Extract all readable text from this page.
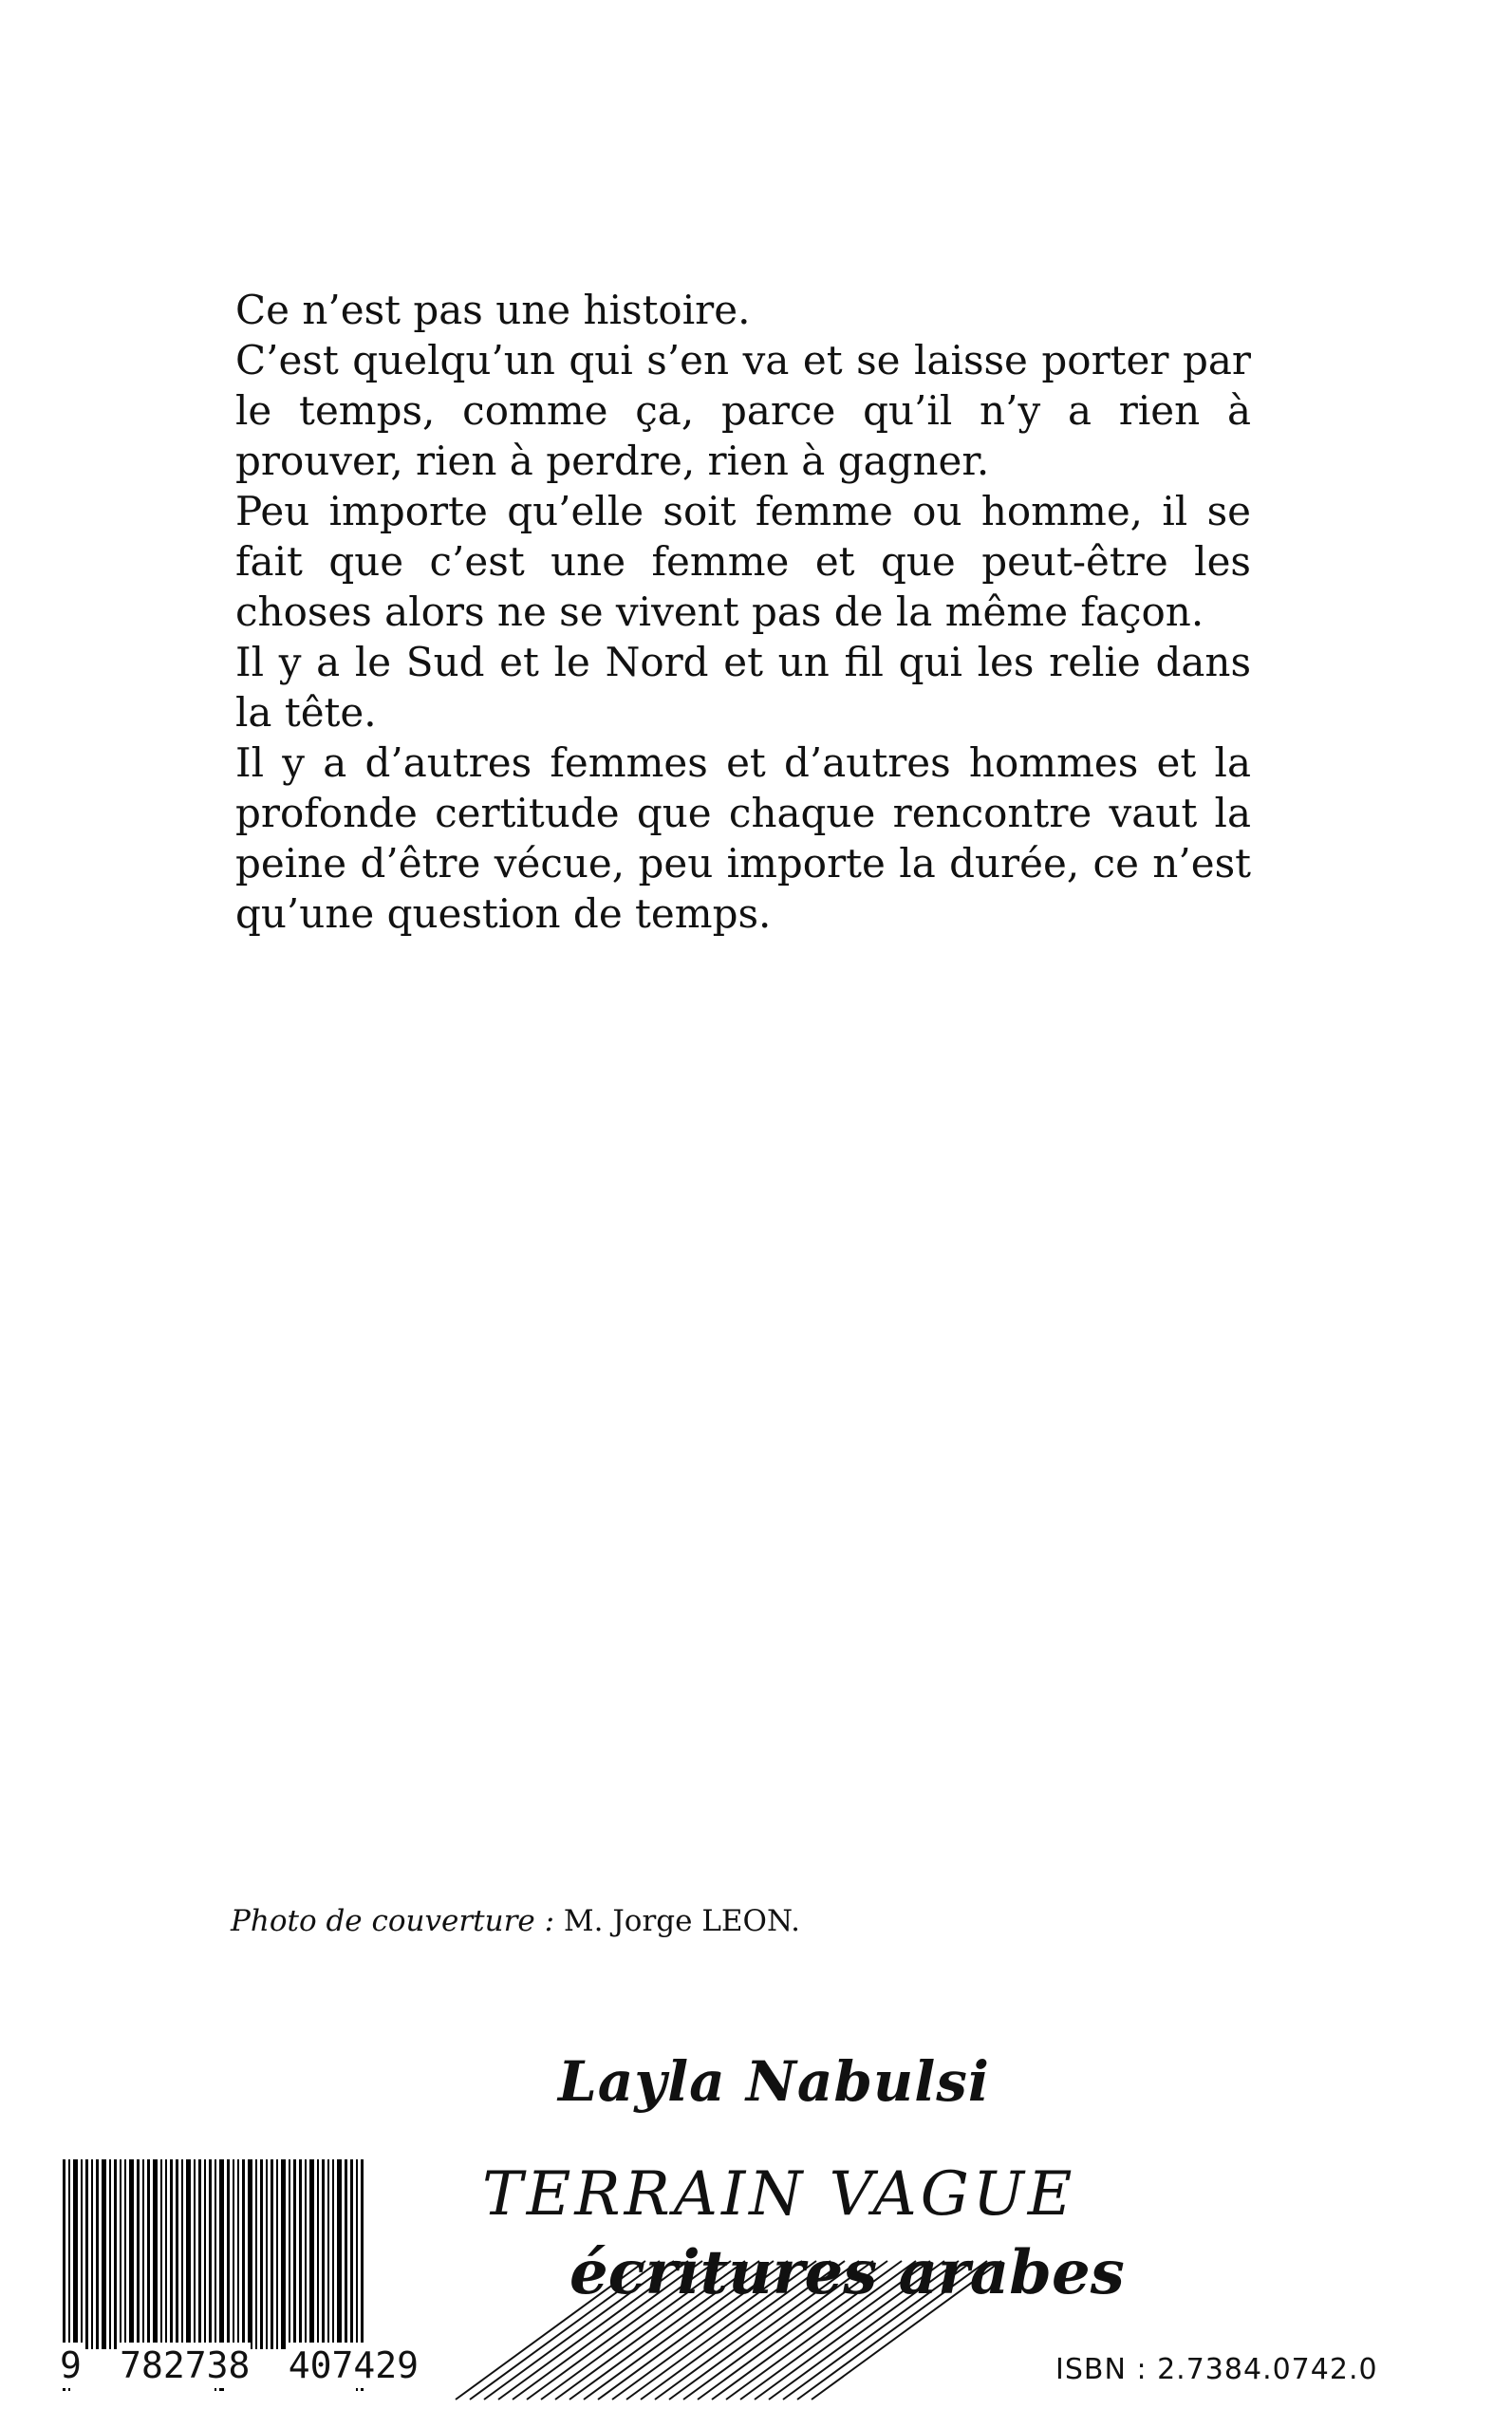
Ce n’est pas une histoire.

C’est quelqu’un qui s’en va et se laisse porter par le temps, comme ça, parce qu’il n’y a rien à prouver, rien à perdre, rien à gagner.

Peu importe qu’elle soit femme ou homme, il se fait que c’est une femme et que peut-être les choses alors ne se vivent pas de la même façon.

Il y a le Sud et le Nord et un fil qui les relie dans la tête.

Il y a d’autres femmes et d’autres hommes et la profonde certitude que chaque rencontre vaut la peine d’être vécue, peu importe la durée, ce n’est qu’une question de temps.

Photo de couverture : M. Jorge LEON.
Layla Nabulsi
TERRAIN VAGUE
écritures arabes
9 782738 407429	ISBN : 2.7384.0742.0
